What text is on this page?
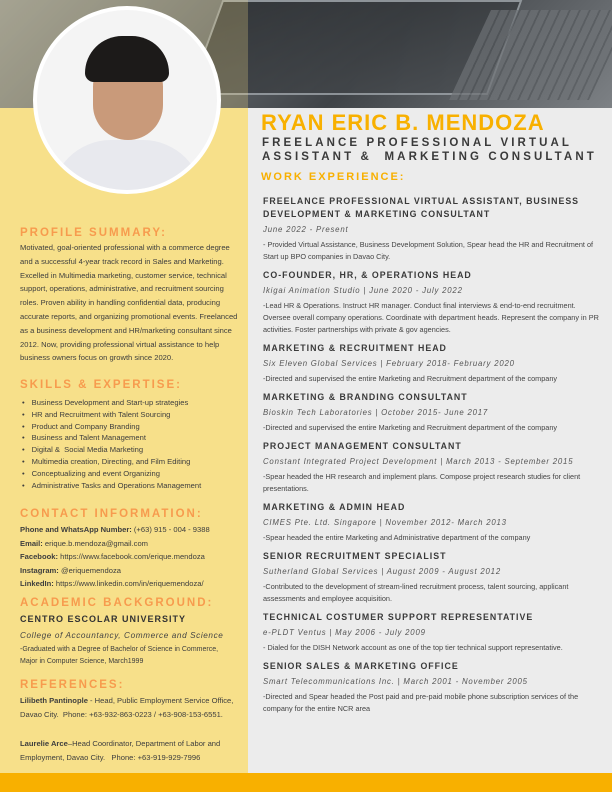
RYAN ERIC B. MENDOZA
FREELANCE PROFESSIONAL VIRTUAL
ASSISTANT &  MARKETING CONSULTANT
PROFILE SUMMARY:
Motivated, goal-oriented professional with a commerce degree and a successful 4-year track record in Sales and Marketing. Excelled in Multimedia marketing, customer service, technical support, operations, administrative, and recruitment sourcing roles. Proven ability in handling confidential data, producing accurate reports, and organizing promotional events. Freelanced as a business development and HR/marketing consultant since 2012. Now, providing professional virtual assistance to help business owners focus on growth since 2020.
SKILLS & EXPERTISE:
• Business Development and Start-up strategies
• HR and Recruitment with Talent Sourcing
• Product and Company Branding
• Business and Talent Management
• Digital &  Social Media Marketing
• Multimedia creation, Directing, and Film Editing
• Conceptualizing and event Organizing
• Administrative Tasks and Operations Management
CONTACT INFORMATION:
Phone and WhatsApp Number: (+63) 915 - 004 - 9388
Email: erique.b.mendoza@gmail.com
Facebook: https://www.facebook.com/erique.mendoza
Instagram: @eriquemendoza
LinkedIn: https://www.linkedin.com/in/eriquemendoza/
ACADEMIC BACKGROUND:
CENTRO ESCOLAR UNIVERSITY
College of Accountancy, Commerce and Science
-Graduated with a Degree of Bachelor of Science in Commerce, Major in Computer Science, March1999
REFERENCES:
Lilibeth Pantinople - Head, Public Employment Service Office, Davao City.  Phone: +63-932-863-0223 / +63-908-153-6551.
Laurelie Arce–Head Coordinator, Department of Labor and Employment, Davao City.   Phone: +63-919-929-7996
WORK EXPERIENCE:
FREELANCE PROFESSIONAL VIRTUAL ASSISTANT, BUSINESS DEVELOPMENT & MARKETING CONSULTANT
June 2022 - Present
- Provided Virtual Assistance, Business Development Solution, Spear head the HR and Recruitment of Start up BPO companies in Davao City.
CO-FOUNDER, HR, & OPERATIONS HEAD
Ikigai Animation Studio | June 2020 - July 2022
-Lead HR & Operations. Instruct HR manager. Conduct final interviews & end-to-end recruitment. Oversee overall company operations. Coordinate with department heads. Represent the company in PR activities. Foster partnerships with private & gov agencies.
MARKETING & RECRUITMENT HEAD
Six Eleven Global Services | February 2018- February 2020
-Directed and supervised the entire Marketing and Recruitment department of the company
MARKETING & BRANDING CONSULTANT
Bioskin Tech Laboratories | October 2015- June 2017
-Directed and supervised the entire Marketing and Recruitment department of the company
PROJECT MANAGEMENT CONSULTANT
Constant Integrated Project Development | March 2013 - September 2015
-Spear headed the HR research and implement plans. Compose project research studies for client presentations.
MARKETING & ADMIN HEAD
CIMES Pte. Ltd. Singapore | November 2012- March 2013
-Spear headed the entire Marketing and Administrative department of the company
SENIOR RECRUITMENT SPECIALIST
Sutherland Global Services | August 2009 - August 2012
-Contributed to the development of stream-lined recruitment process, talent sourcing, applicant assessments and employee acquisition.
TECHNICAL COSTUMER SUPPORT REPRESENTATIVE
e-PLDT Ventus | May 2006 - July 2009
- Dialed for the DISH Network account as one of the top tier technical support representative.
SENIOR SALES & MARKETING OFFICE
Smart Telecommunications Inc. | March 2001 - November 2005
-Directed and Spear headed the Post paid and pre-paid mobile phone subscription services of the company for the entire NCR area
